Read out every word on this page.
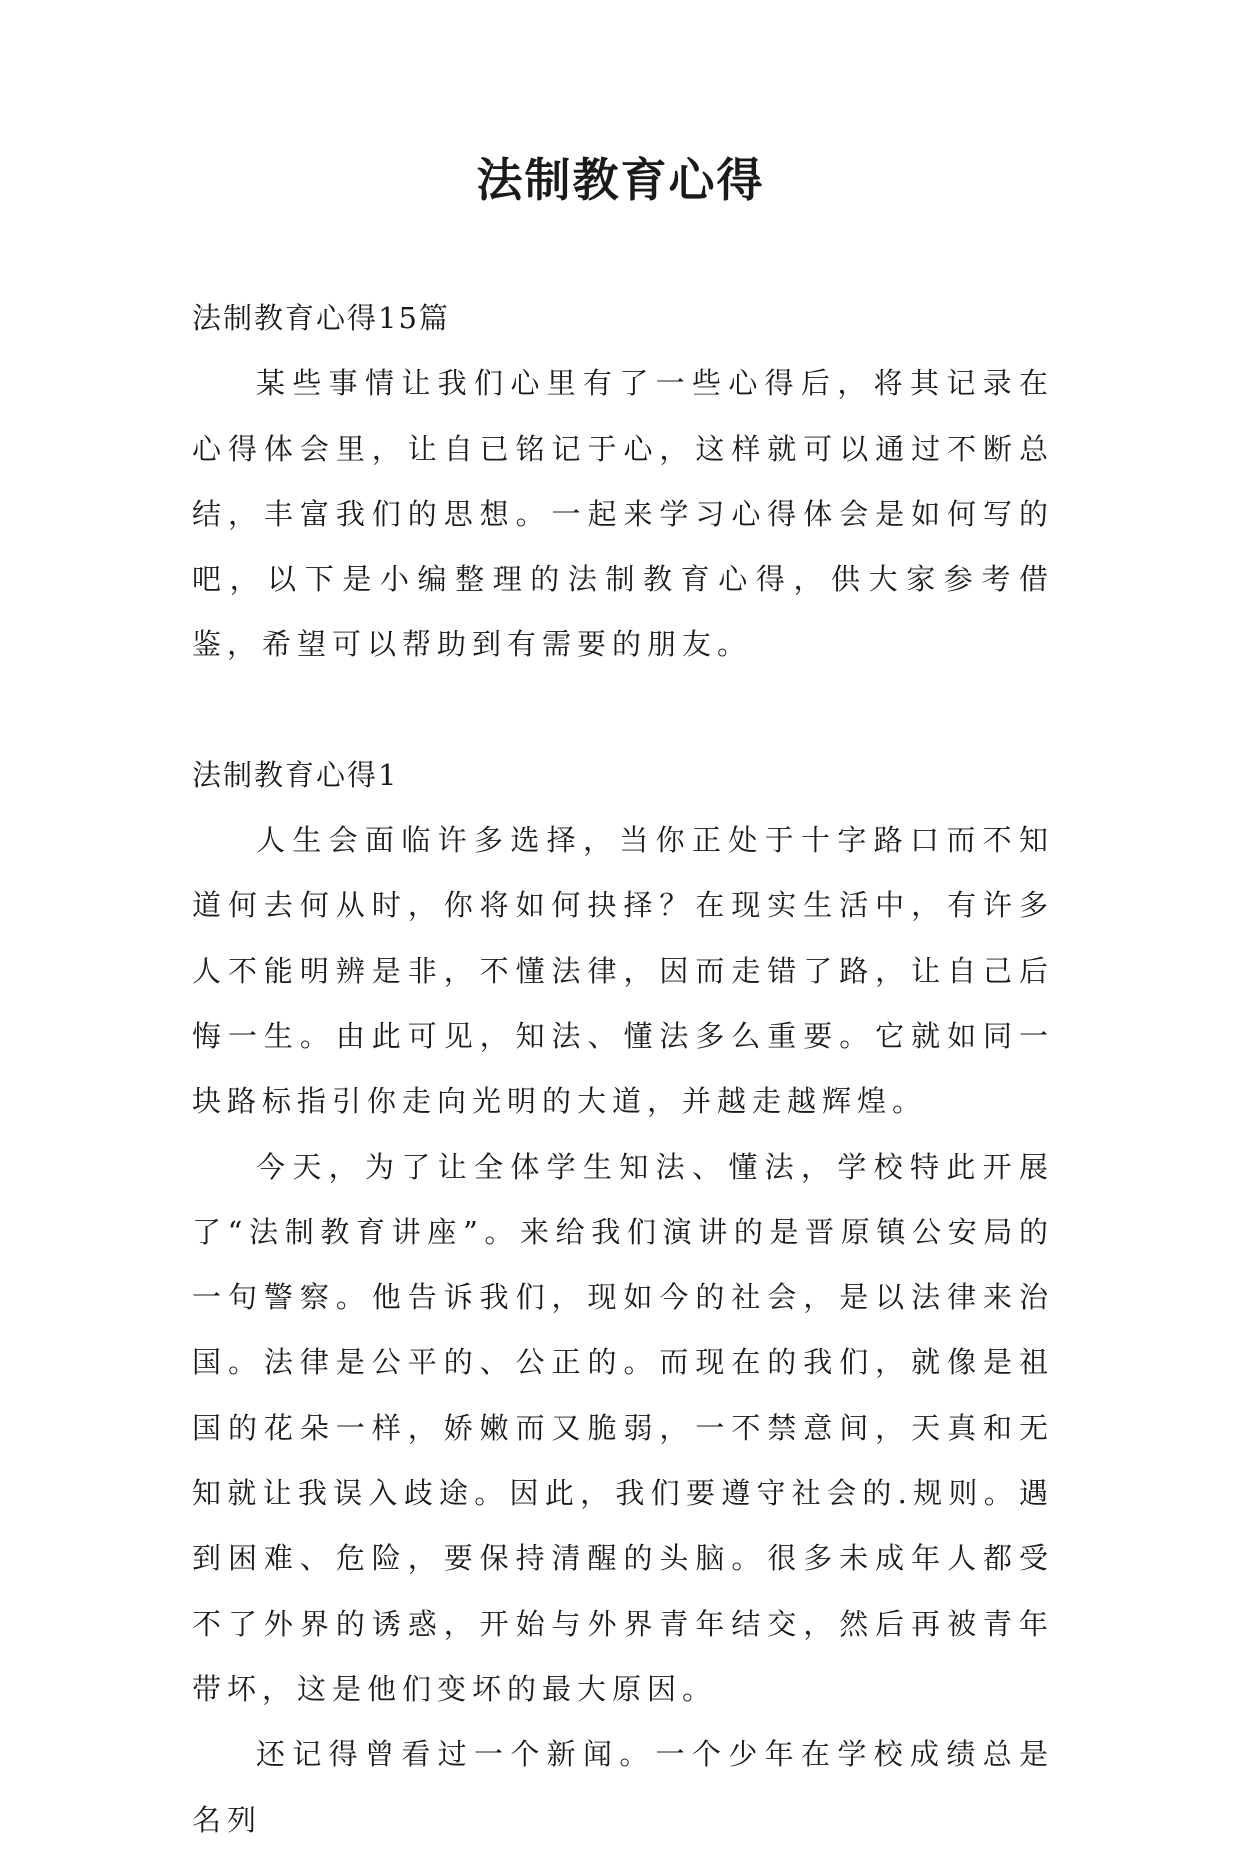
法制教育心得

法制教育心得15篇

某些事情让我们心里有了一些心得后，将其记录在心得体会里，让自已铭记于心，这样就可以通过不断总结，丰富我们的思想。一起来学习心得体会是如何写的吧，以下是小编整理的法制教育心得，供大家参考借鉴，希望可以帮助到有需要的朋友。

法制教育心得1

人生会面临许多选择，当你正处于十字路口而不知道何去何从时，你将如何抉择？在现实生活中，有许多人不能明辨是非，不懂法律，因而走错了路，让自己后悔一生。由此可见，知法、懂法多么重要。它就如同一块路标指引你走向光明的大道，并越走越辉煌。

今天，为了让全体学生知法、懂法，学校特此开展了“法制教育讲座”。来给我们演讲的是晋原镇公安局的一句警察。他告诉我们，现如今的社会，是以法律来治国。法律是公平的、公正的。而现在的我们，就像是祖国的花朵一样，娇嫩而又脆弱，一不禁意间，天真和无知就让我误入歧途。因此，我们要遵守社会的.规则。遇到困难、危险，要保持清醒的头脑。很多未成年人都受不了外界的诱惑，开始与外界青年结交，然后再被青年带坏，这是他们变坏的最大原因。

还记得曾看过一个新闻。一个少年在学校成绩总是名列
